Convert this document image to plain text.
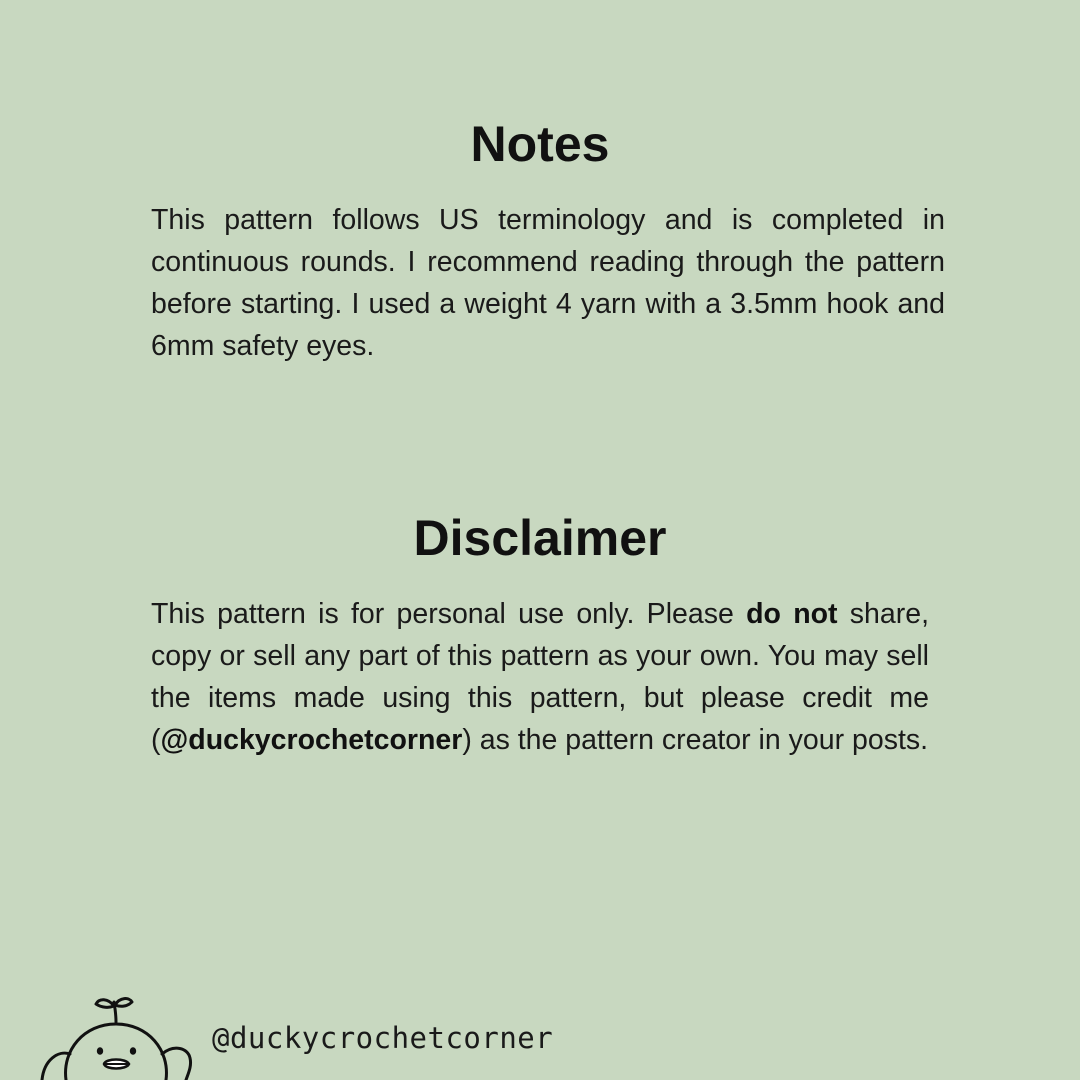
Notes

This pattern follows US terminology and is completed in continuous rounds. I recommend reading through the pattern before starting. I used a weight 4 yarn with a 3.5mm hook and 6mm safety eyes.

Disclaimer

This pattern is for personal use only. Please do not share, copy or sell any part of this pattern as your own. You may sell the items made using this pattern, but please credit me (@duckycrochetcorner) as the pattern creator in your posts.

@duckycrochetcorner
